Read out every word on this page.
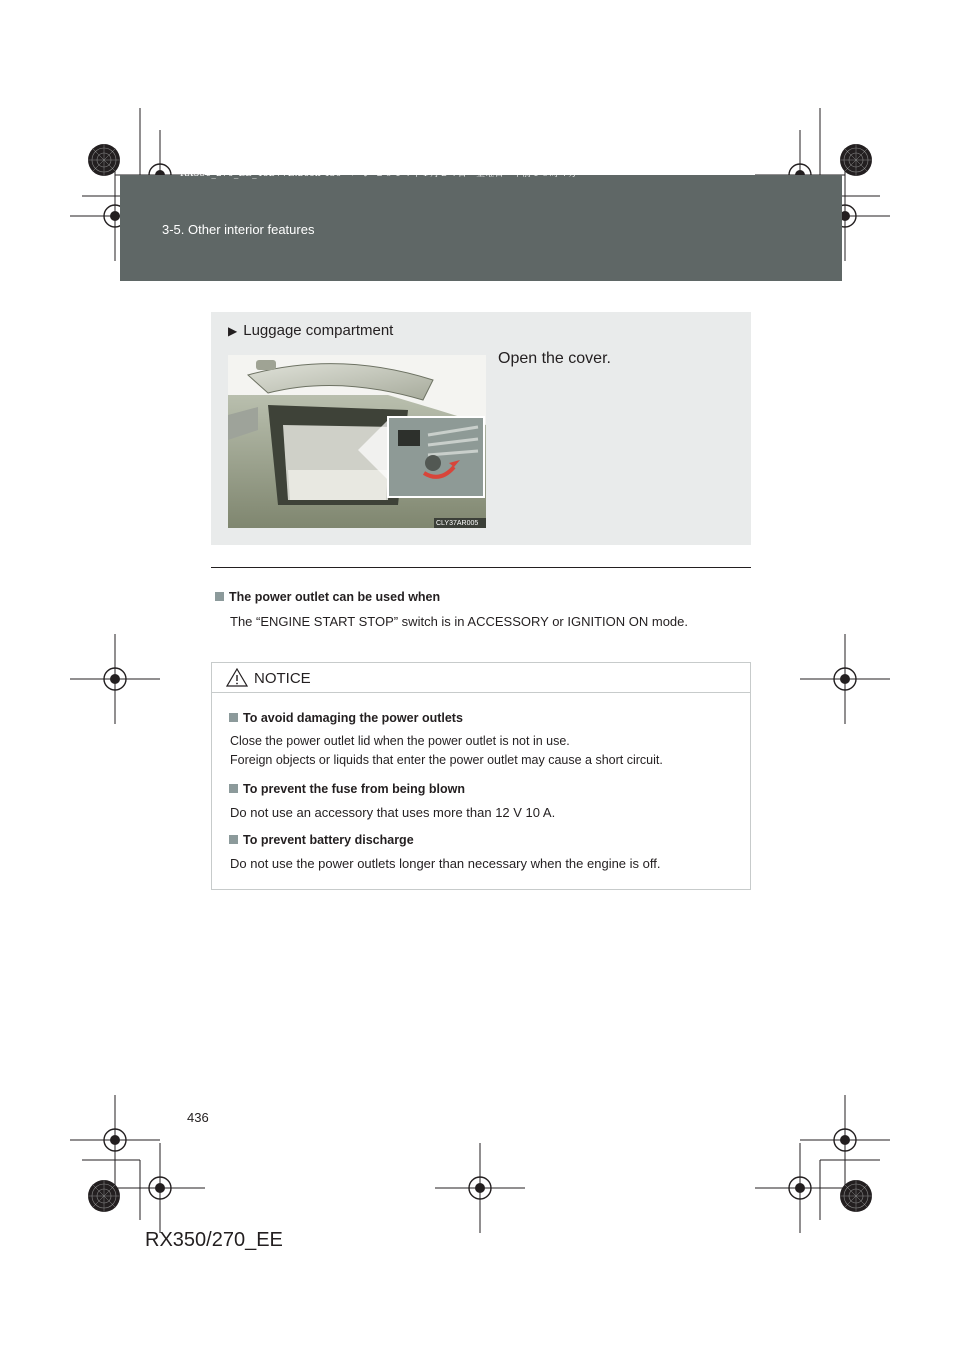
RX350_270_EE_48D77E.book 436 ページ ２０１４年１月２４日　金曜日　午前１０時４分
3-5. Other interior features
▶ Luggage compartment
Open the cover.
CLY37AR005
The power outlet can be used when
The “ENGINE START STOP” switch is in ACCESSORY or IGNITION ON mode.
NOTICE
To avoid damaging the power outlets
Close the power outlet lid when the power outlet is not in use.
Foreign objects or liquids that enter the power outlet may cause a short circuit.
To prevent the fuse from being blown
Do not use an accessory that uses more than 12 V 10 A.
To prevent battery discharge
Do not use the power outlets longer than necessary when the engine is off.
436
RX350/270_EE
